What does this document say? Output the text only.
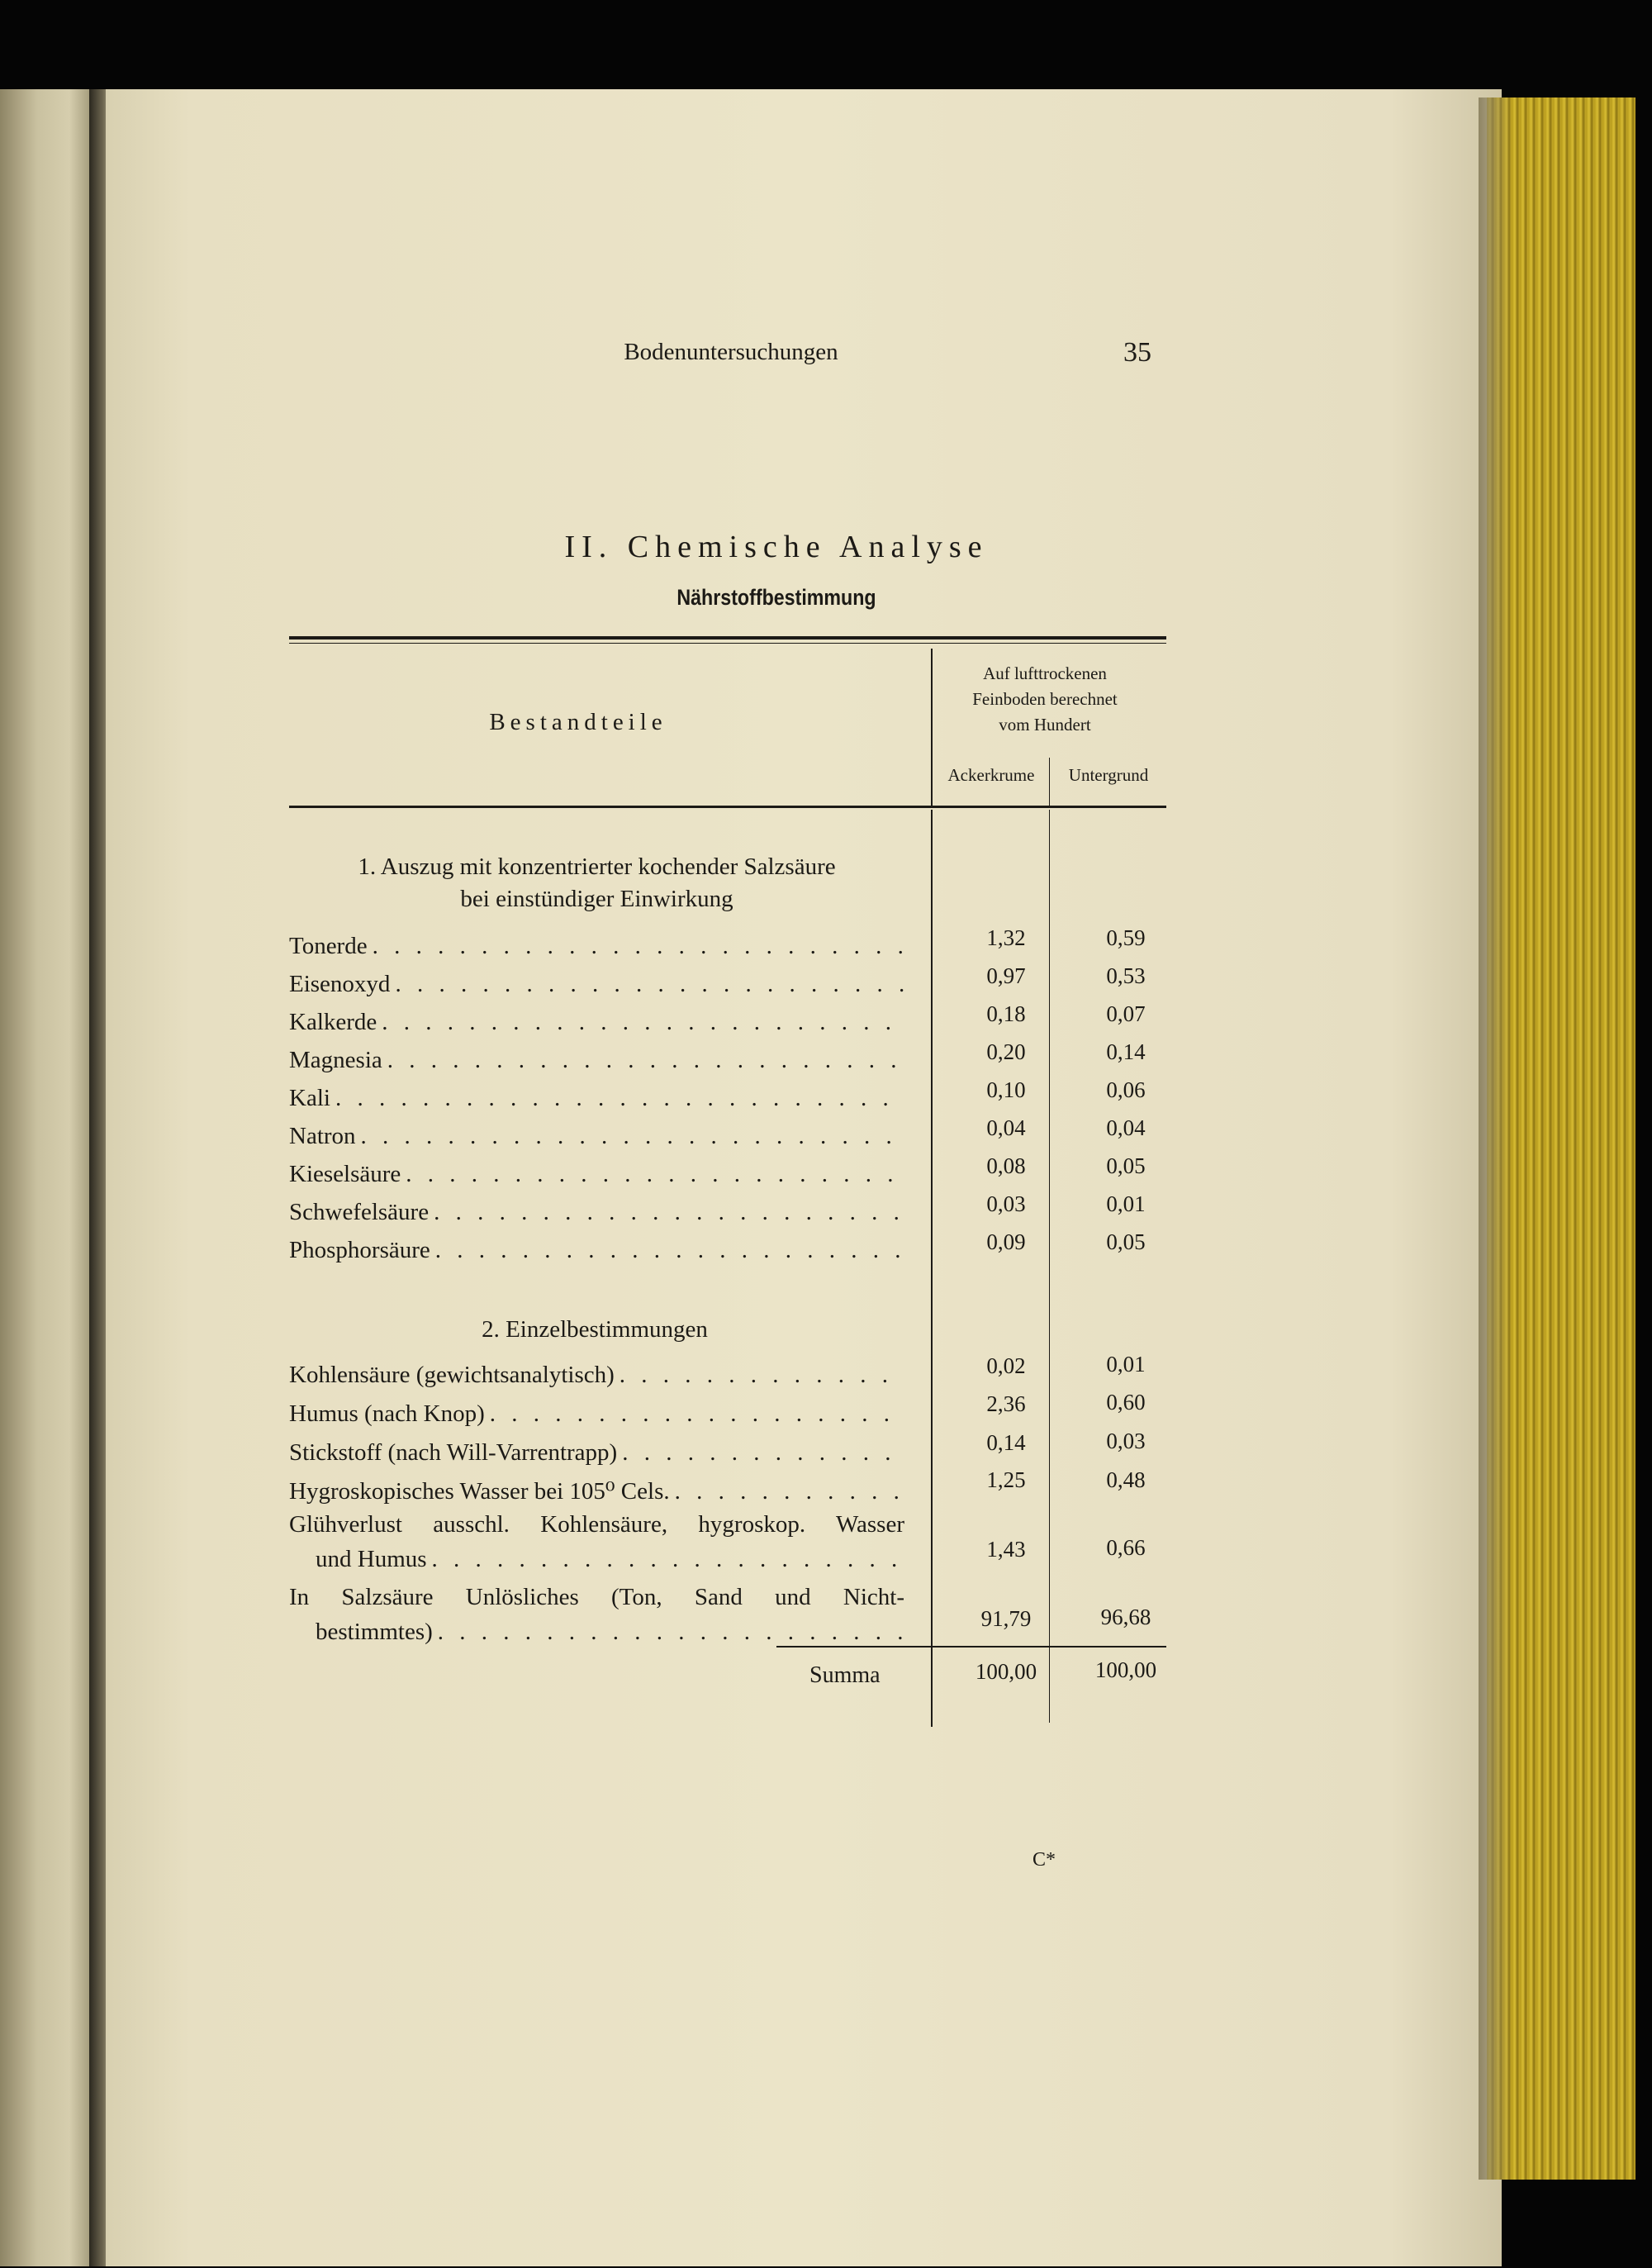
Bodenuntersuchungen	35
II. Chemische Analyse
Nährstoffbestimmung
Bestandteile
Auf lufttrockenen
Feinboden berechnet
vom Hundert
Ackerkrume	Untergrund
1. Auszug mit konzentrierter kochender Salzsäure
bei einstündiger Einwirkung
Tonerde . . .	1,32	0,59
Eisenoxyd . . .	0,97	0,53
Kalkerde . . .	0,18	0,07
Magnesia . . .	0,20	0,14
Kali . . .	0,10	0,06
Natron . . .	0,04	0,04
Kieselsäure . . .	0,08	0,05
Schwefelsäure . . .	0,03	0,01
Phosphorsäure . . .	0,09	0,05
2. Einzelbestimmungen
Kohlensäure (gewichtsanalytisch) . . .	0,02	0,01
Humus (nach Knop) . . .	2,36	0,60
Stickstoff (nach Will-Varrentrapp) . . .	0,14	0,03
Hygroskopisches Wasser bei 105⁰ Cels. . . .	1,25	0,48
Glühverlust ausschl. Kohlensäure, hygroskop. Wasser
und Humus . . .	1,43	0,66
In Salzsäure Unlösliches (Ton, Sand und Nicht-
bestimmtes) . . .	91,79	96,68
Summa	100,00	100,00
C*
